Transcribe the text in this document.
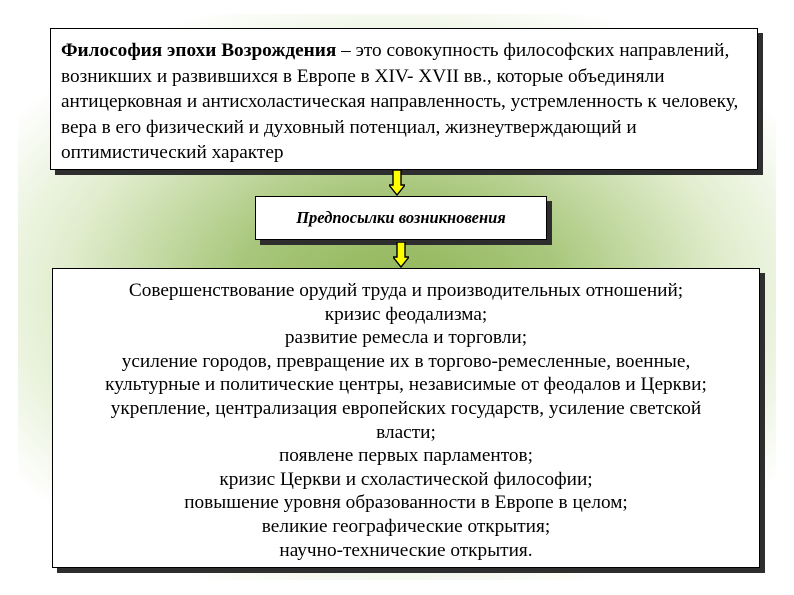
Философия эпохи Возрождения – это совокупность философских направлений, возникших и развившихся в Европе в XIV- XVII вв., которые объединяли антицерковная и антисхоластическая направленность, устремленность к человеку, вера в его физический и духовный потенциал, жизнеутверждающий и оптимистический характер
Предпосылки возникновения
Совершенствование орудий труда и производительных отношений;
кризис феодализма;
развитие ремесла и торговли;
усиление городов, превращение их в торгово-ремесленные, военные,
культурные и политические центры, независимые от феодалов и Церкви;
укрепление, централизация европейских государств, усиление светской
власти;
появлене первых парламентов;
кризис Церкви и схоластической философии;
повышение уровня образованности в Европе в целом;
великие географические открытия;
научно-технические открытия.
